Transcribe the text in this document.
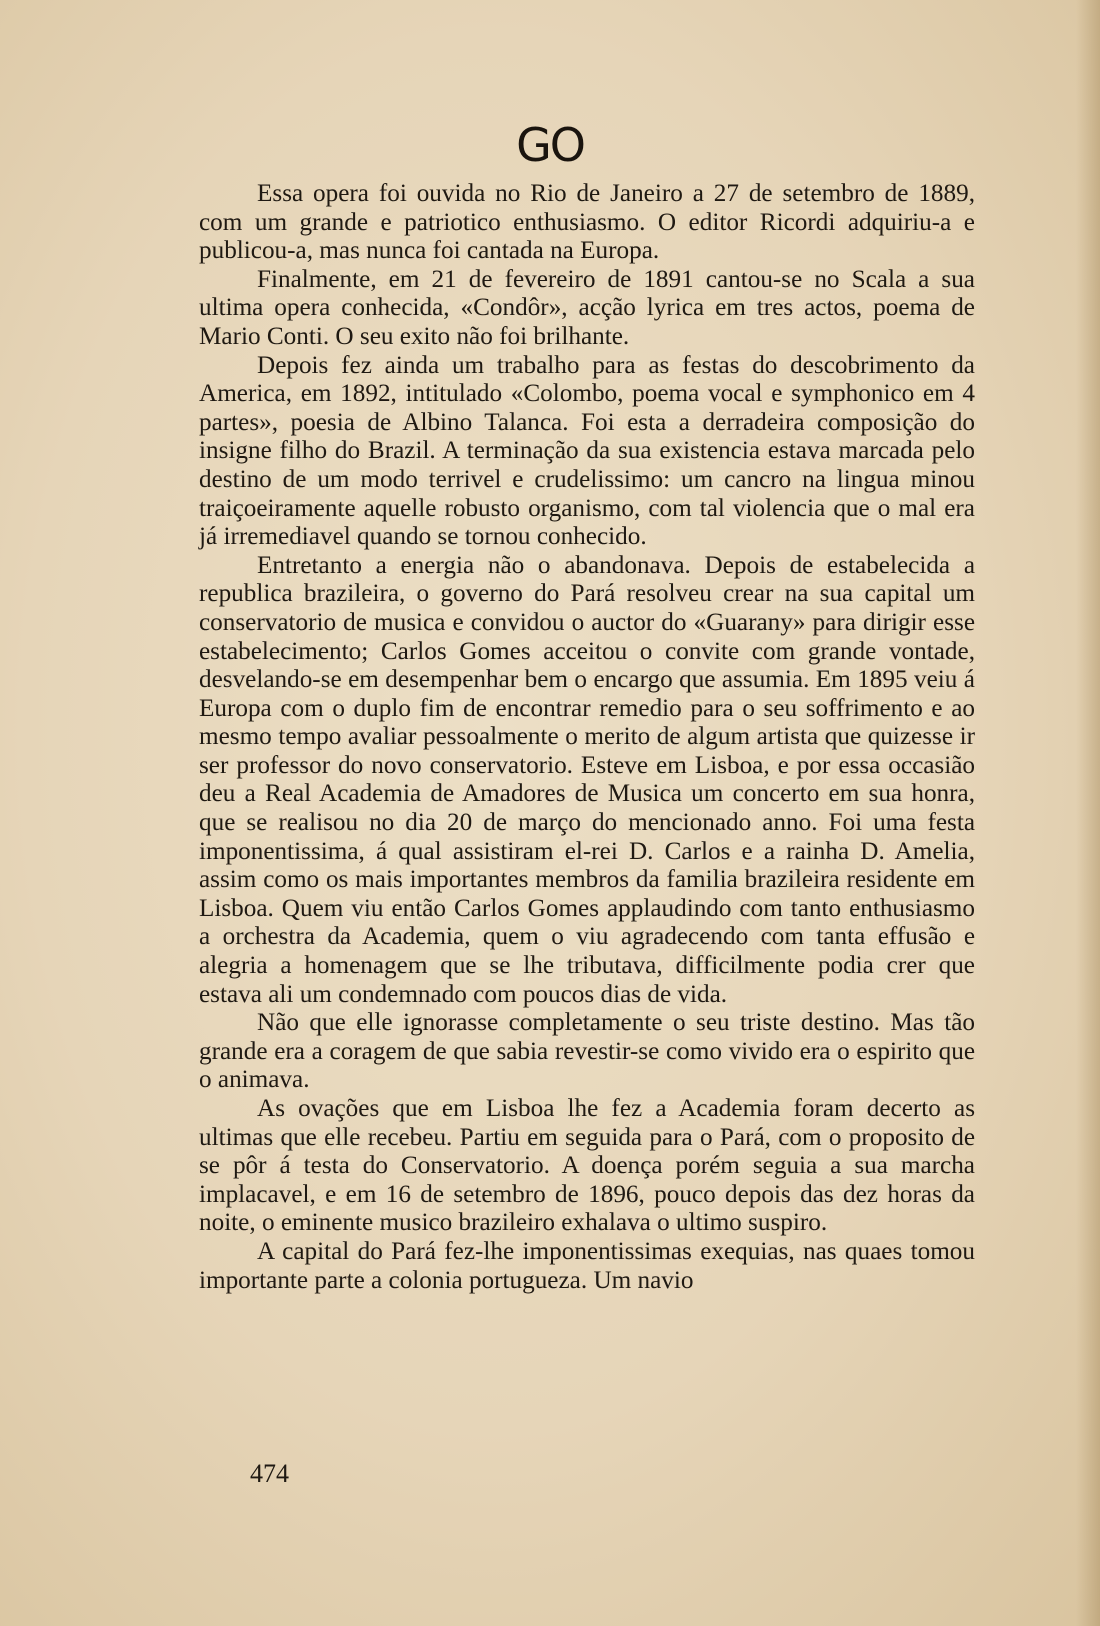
GO

Essa opera foi ouvida no Rio de Janeiro a 27 de setembro de 1889, com um grande e patriotico enthusiasmo. O editor Ricordi adquiriu-a e publicou-a, mas nunca foi cantada na Europa.

Finalmente, em 21 de fevereiro de 1891 cantou-se no Scala a sua ultima opera conhecida, «Condôr», acção lyrica em tres actos, poema de Mario Conti. O seu exito não foi brilhante.

Depois fez ainda um trabalho para as festas do descobrimento da America, em 1892, intitulado «Colombo, poema vocal e symphonico em 4 partes», poesia de Albino Talanca. Foi esta a derradeira composição do insigne filho do Brazil. A terminação da sua existencia estava marcada pelo destino de um modo terrivel e crudelissimo: um cancro na lingua minou traiçoeiramente aquelle robusto organismo, com tal violencia que o mal era já irremediavel quando se tornou conhecido.

Entretanto a energia não o abandonava. Depois de estabelecida a republica brazileira, o governo do Pará resolveu crear na sua capital um conservatorio de musica e convidou o auctor do «Guarany» para dirigir esse estabelecimento; Carlos Gomes acceitou o convite com grande vontade, desvelando-se em desempenhar bem o encargo que assumia. Em 1895 veiu á Europa com o duplo fim de encontrar remedio para o seu soffrimento e ao mesmo tempo avaliar pessoalmente o merito de algum artista que quizesse ir ser professor do novo conservatorio. Esteve em Lisboa, e por essa occasião deu a Real Academia de Amadores de Musica um concerto em sua honra, que se realisou no dia 20 de março do mencionado anno. Foi uma festa imponentissima, á qual assistiram el-rei D. Carlos e a rainha D. Amelia, assim como os mais importantes membros da familia brazileira residente em Lisboa. Quem viu então Carlos Gomes applaudindo com tanto enthusiasmo a orchestra da Academia, quem o viu agradecendo com tanta effusão e alegria a homenagem que se lhe tributava, difficilmente podia crer que estava ali um condemnado com poucos dias de vida.

Não que elle ignorasse completamente o seu triste destino. Mas tão grande era a coragem de que sabia revestir-se como vivido era o espirito que o animava.

As ovações que em Lisboa lhe fez a Academia foram decerto as ultimas que elle recebeu. Partiu em seguida para o Pará, com o proposito de se pôr á testa do Conservatorio. A doença porém seguia a sua marcha implacavel, e em 16 de setembro de 1896, pouco depois das dez horas da noite, o eminente musico brazileiro exhalava o ultimo suspiro.

A capital do Pará fez-lhe imponentissimas exequias, nas quaes tomou importante parte a colonia portugueza. Um navio

474
